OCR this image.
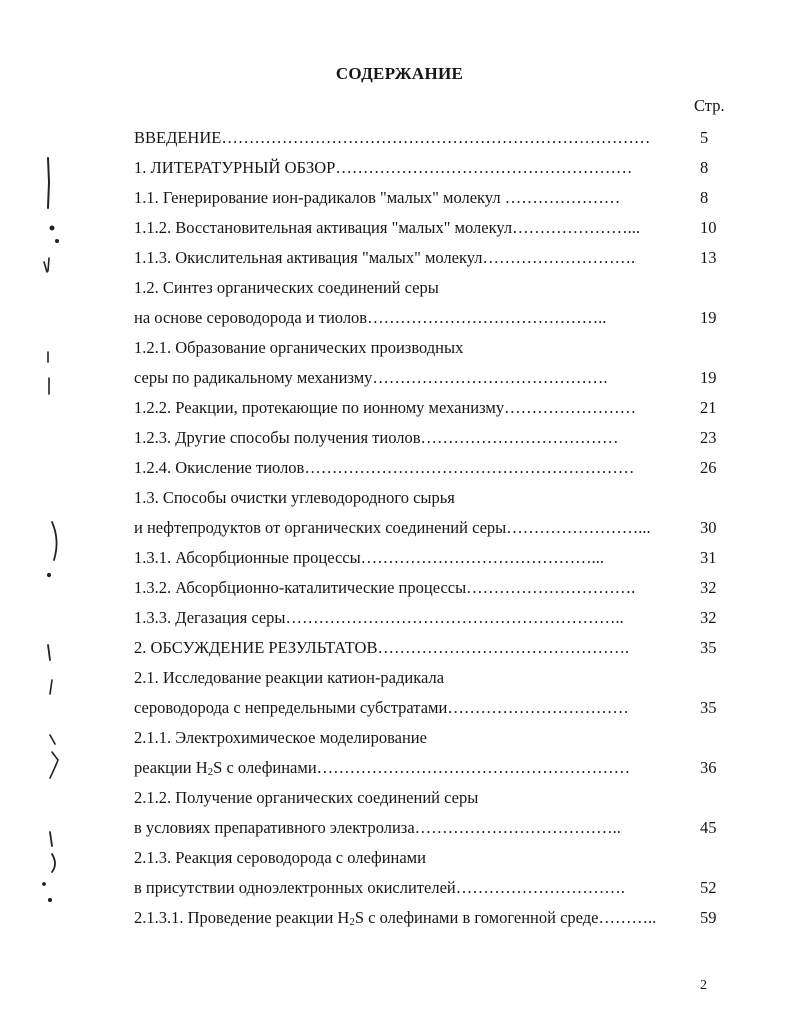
СОДЕРЖАНИЕ
Стр.
ВВЕДЕНИЕ……………………………………………………………………	5
1. ЛИТЕРАТУРНЫЙ ОБЗОР………………………………………………	8
1.1. Генерирование ион-радикалов "малых" молекул …………………	8
1.1.2. Восстановительная активация "малых" молекул…………………...	10
1.1.3. Окислительная активация "малых" молекул……………………….	13
1.2. Синтез органических соединений серы
на основе сероводорода и тиолов……………………………………..	19
1.2.1. Образование органических производных
серы по радикальному механизму…………………………………….	19
1.2.2. Реакции, протекающие по ионному механизму……………………	21
1.2.3. Другие способы получения тиолов………………………………	23
1.2.4. Окисление тиолов……………………………………………………	26
1.3. Способы очистки углеводородного сырья
и нефтепродуктов от органических соединений серы……………………...	30
1.3.1. Абсорбционные процессы……………………………………...	31
1.3.2. Абсорбционно-каталитические процессы………………………….	32
1.3.3. Дегазация серы……………………………………………………..	32
2. ОБСУЖДЕНИЕ РЕЗУЛЬТАТОВ……………………………………….	35
2.1. Исследование реакции катион-радикала
сероводорода с непредельными субстратами……………………………	35
2.1.1. Электрохимическое моделирование
реакции H2S с олефинами…………………………………………………	36
2.1.2. Получение органических соединений серы
в условиях препаративного электролиза………………………………..	45
2.1.3. Реакция сероводорода с олефинами
в присутствии одноэлектронных окислителей………………………….	52
2.1.3.1. Проведение реакции H2S с олефинами в гомогенной среде………..	59
2
